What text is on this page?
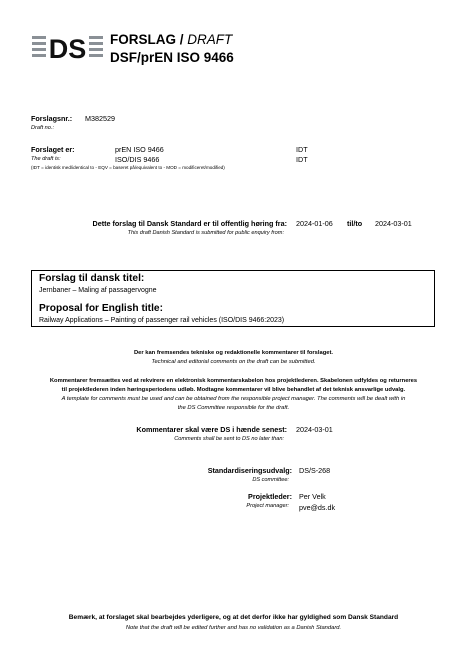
DS FORSLAG / DRAFT
DSF/prEN ISO 9466
Forslagsnr.: M382529
Draft no.:
Forslaget er:	prEN ISO 9466	IDT
The draft is:	ISO/DIS 9466	IDT
(IDT = identisk med/identical to - EQV = baseret på/equivalent to - MOD = modificeret/modified)
Dette forslag til Dansk Standard er til offentlig høring fra:
This draft Danish Standard is submitted for public enquiry from:
2024-01-06 til/to 2024-03-01
Forslag til dansk titel:
Jernbaner – Maling af passagervogne
Proposal for English title:
Railway Applications – Painting of passenger rail vehicles (ISO/DIS 9466:2023)
Der kan fremsendes tekniske og redaktionelle kommentarer til forslaget.
Technical and editorial comments on the draft can be submitted.
Kommentarer fremsættes ved at rekvirere en elektronisk kommentarskabelon hos projektlederen. Skabelonen udfyldes og returneres
til projektlederen inden høringsperiodens udløb. Modtagne kommentarer vil blive behandlet af det teknisk ansvarlige udvalg.
A template for comments must be used and can be obtained from the responsible project manager. The comments will be dealt with in
the DS Committee responsible for the draft.
Kommentarer skal være DS i hænde senest:
Comments shall be sent to DS no later than:
2024-03-01
Standardiseringsudvalg:
DS committee:
DS/S-268
Projektleder:
Project manager:
Per Velk
pve@ds.dk
Bemærk, at forslaget skal bearbejdes yderligere, og at det derfor ikke har gyldighed som Dansk Standard
Note that the draft will be edited further and has no validation as a Danish Standard.
